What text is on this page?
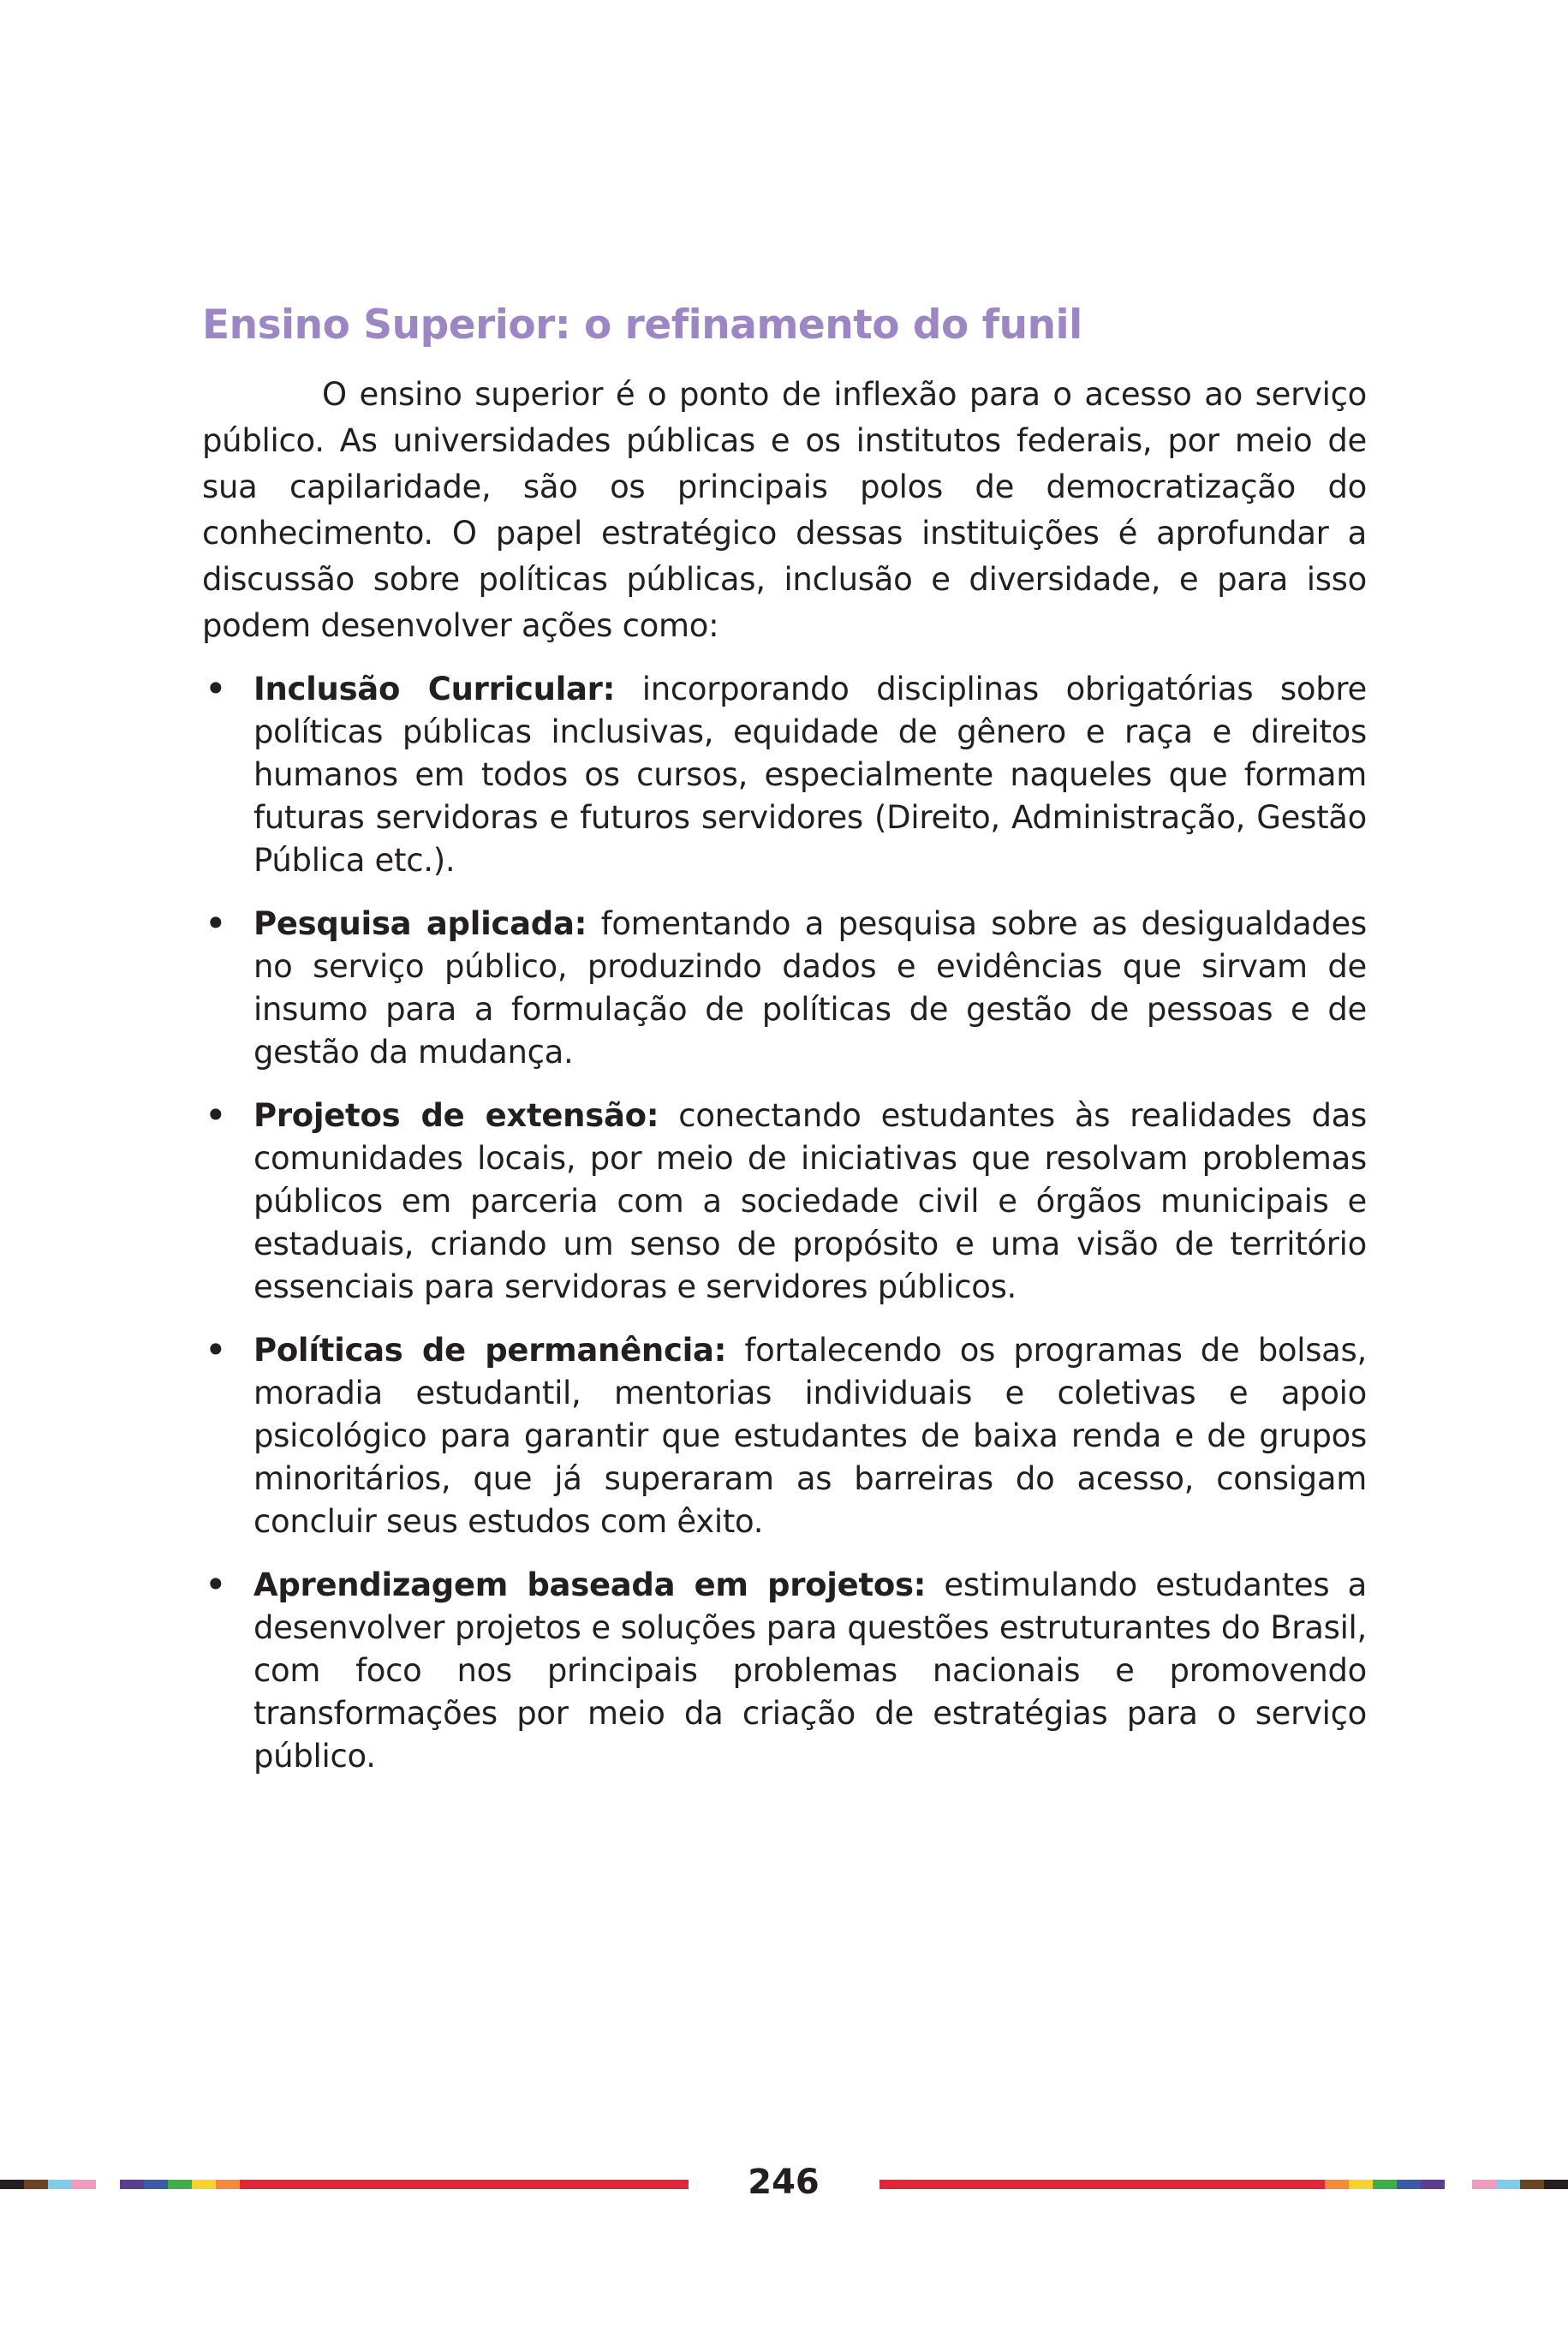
Ensino Superior: o refinamento do funil

O ensino superior é o ponto de inflexão para o acesso ao serviço público. As universidades públicas e os institutos federais, por meio de sua capilaridade, são os principais polos de democratização do conhecimento. O papel estratégico dessas instituições é aprofundar a discussão sobre políticas públicas, inclusão e diversidade, e para isso podem desenvolver ações como:

• Inclusão Curricular: incorporando disciplinas obrigatórias sobre políticas públicas inclusivas, equidade de gênero e raça e direitos humanos em todos os cursos, especialmente naqueles que formam futuras servidoras e futuros servidores (Direito, Administração, Gestão Pública etc.).
• Pesquisa aplicada: fomentando a pesquisa sobre as desigualdades no serviço público, produzindo dados e evidências que sirvam de insumo para a formulação de políticas de gestão de pessoas e de gestão da mudança.
• Projetos de extensão: conectando estudantes às realidades das comunidades locais, por meio de iniciativas que resolvam problemas públicos em parceria com a sociedade civil e órgãos municipais e estaduais, criando um senso de propósito e uma visão de território essenciais para servidoras e servidores públicos.
• Políticas de permanência: fortalecendo os programas de bolsas, moradia estudantil, mentorias individuais e coletivas e apoio psicológico para garantir que estudantes de baixa renda e de grupos minoritários, que já superaram as barreiras do acesso, consigam concluir seus estudos com êxito.
• Aprendizagem baseada em projetos: estimulando estudantes a desenvolver projetos e soluções para questões estruturantes do Brasil, com foco nos principais problemas nacionais e promovendo transformações por meio da criação de estratégias para o serviço público.
246
